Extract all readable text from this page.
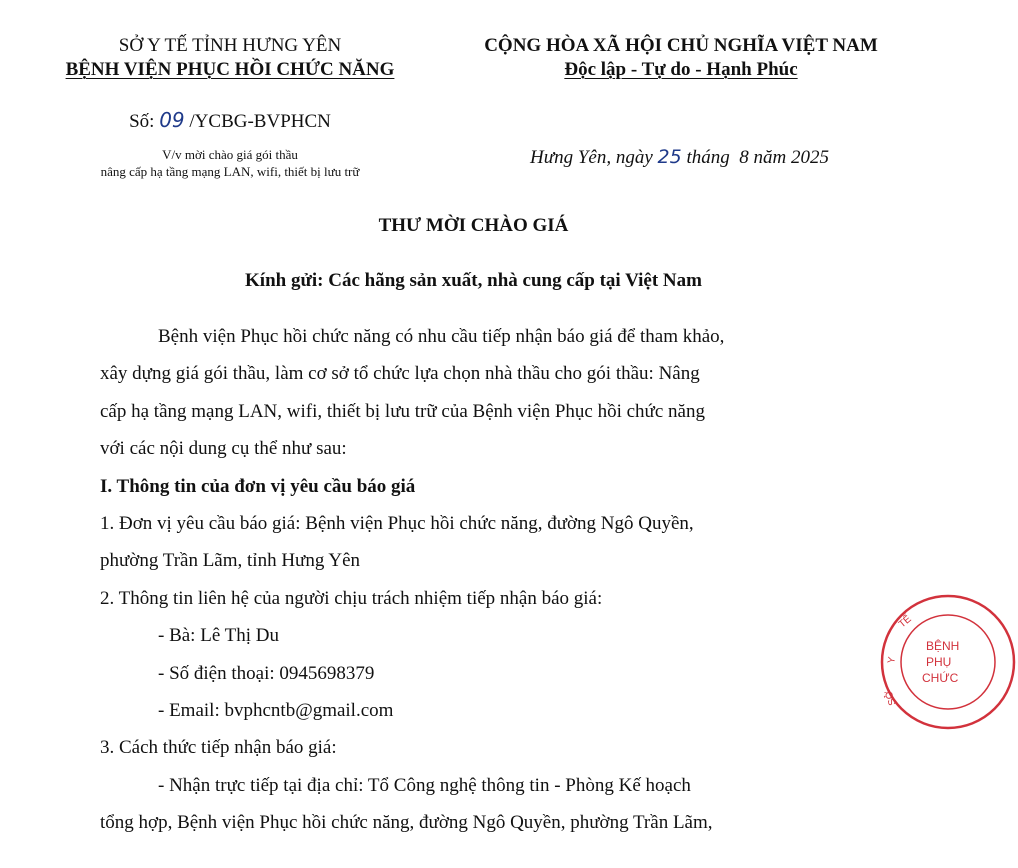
SỞ Y TẾ TỈNH HƯNG YÊN
BỆNH VIỆN PHỤC HỒI CHỨC NĂNG
CỘNG HÒA XÃ HỘI CHỦ NGHĨA VIỆT NAM
Độc lập - Tự do - Hạnh Phúc
Số: 09 /YCBG-BVPHCN
V/v mời chào giá gói thầu
nâng cấp hạ tầng mạng LAN, wifi, thiết bị lưu trữ
Hưng Yên, ngày 25 tháng  8 năm 2025
THƯ MỜI CHÀO GIÁ
Kính gửi: Các hãng sản xuất, nhà cung cấp tại Việt Nam

Bệnh viện Phục hồi chức năng có nhu cầu tiếp nhận báo giá để tham khảo,

xây dựng giá gói thầu, làm cơ sở tổ chức lựa chọn nhà thầu cho gói thầu: Nâng

cấp hạ tầng mạng LAN, wifi, thiết bị lưu trữ của Bệnh viện Phục hồi chức năng

với các nội dung cụ thể như sau:

I. Thông tin của đơn vị yêu cầu báo giá

1. Đơn vị yêu cầu báo giá: Bệnh viện Phục hồi chức năng, đường Ngô Quyền,

phường Trần Lãm, tỉnh Hưng Yên

2. Thông tin liên hệ của người chịu trách nhiệm tiếp nhận báo giá:

- Bà: Lê Thị Du

- Số điện thoại: 0945698379

- Email: bvphcntb@gmail.com

3. Cách thức tiếp nhận báo giá:

- Nhận trực tiếp tại địa chỉ: Tổ Công nghệ thông tin - Phòng Kế hoạch

tổng hợp, Bệnh viện Phục hồi chức năng, đường Ngô Quyền, phường Trần Lãm,

BỆNH
PHỤ
CHỨC
Y
TẾ
SỞ
